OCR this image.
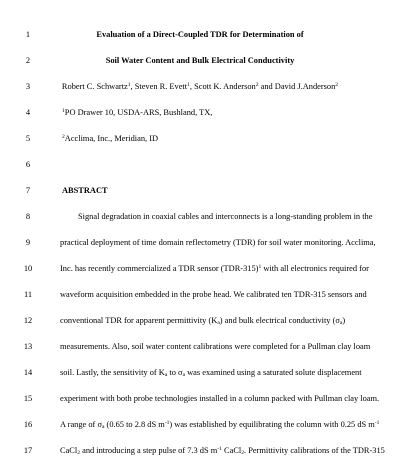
1	Evaluation of a Direct-Coupled TDR for Determination of
2	Soil Water Content and Bulk Electrical Conductivity
3	Robert C. Schwartz$^1$, Steven R. Evett$^1$, Scott K. Anderson$^2$ and David J.Anderson$^2$
4	$^1$PO Drawer 10, USDA-ARS, Bushland, TX,
5	$^2$Acclima, Inc., Meridian, ID
6
7	ABSTRACT
8	Signal degradation in coaxial cables and interconnects is a long-standing problem in the
9	practical deployment of time domain reflectometry (TDR) for soil water monitoring. Acclima,
10	Inc. has recently commercialized a TDR sensor $(TDR-315)^1$ with all electronics required for
11	waveform acquisition embedded in the probe head. We calibrated ten TDR-315 sensors and
12	conventional TDR for apparent permittivity $(K_a)$ and bulk electrical conductivity $(\sigma_a)$
13	measurements. Also, soil water content calibrations were completed for a Pullman clay loam
14	soil. Lastly, the sensitivity of $K_a$ to $\sigma_a$ was examined using a saturated solute displacement
15	experiment with both probe technologies installed in a column packed with Pullman clay loam.
16	A range of $\sigma_a$ (0.65 to 2.8 dS $m^{-1}$) was established by equilibrating the column with 0.25 dS $m^{-1}$
17	CaCl$_2$ and introducing a step pulse of 7.3 dS $m^{-1}$ CaCl$_2$. Permittivity calibrations of the TDR-315
